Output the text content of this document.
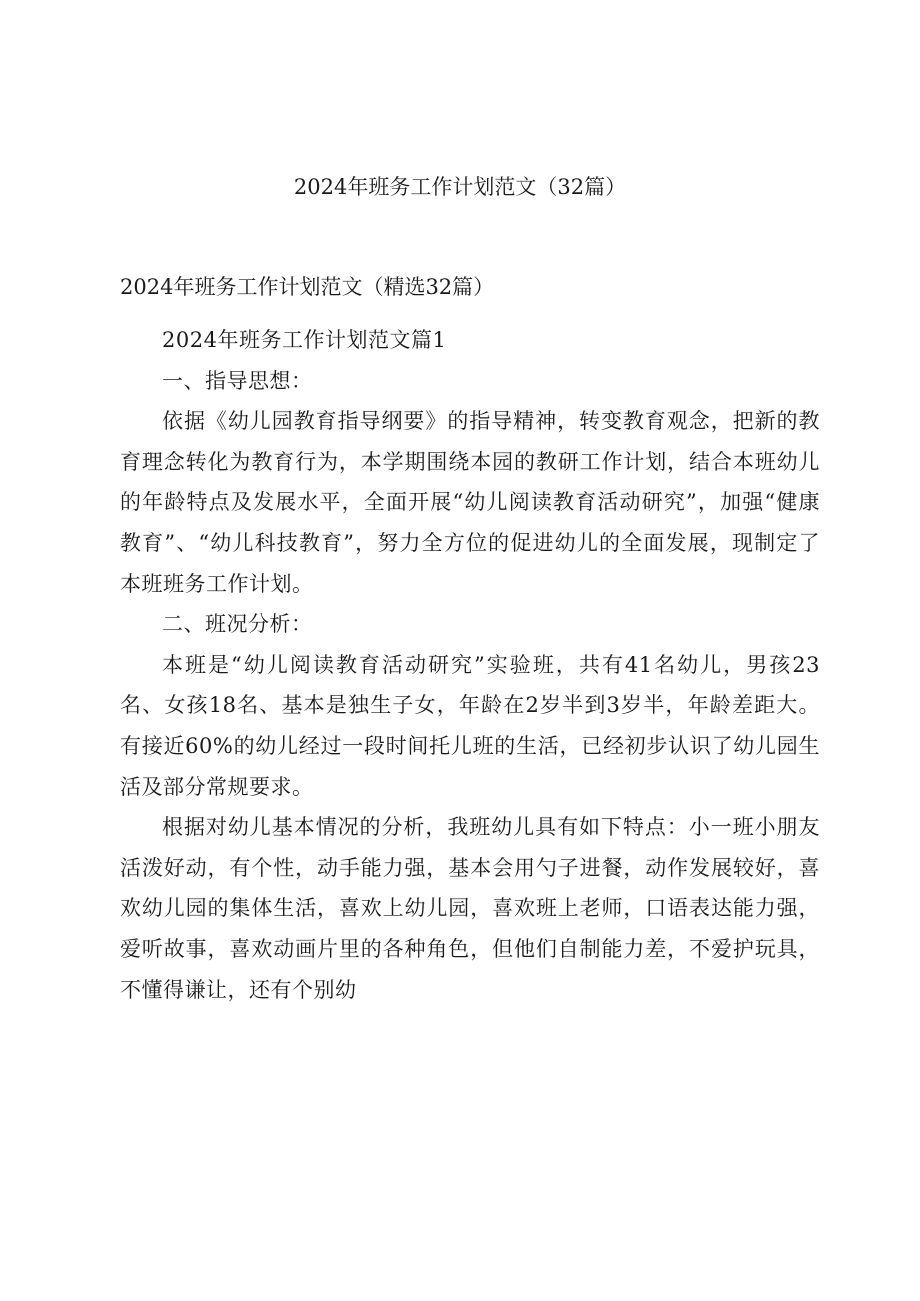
2024年班务工作计划范文（32篇）

2024年班务工作计划范文（精选32篇）

2024年班务工作计划范文篇1

一、指导思想：

依据《幼儿园教育指导纲要》的指导精神，转变教育观念，把新的教育理念转化为教育行为，本学期围绕本园的教研工作计划，结合本班幼儿的年龄特点及发展水平，全面开展“幼儿阅读教育活动研究”，加强“健康教育”、“幼儿科技教育”，努力全方位的促进幼儿的全面发展，现制定了本班班务工作计划。

二、班况分析：

本班是“幼儿阅读教育活动研究”实验班，共有41名幼儿，男孩23名、女孩18名、基本是独生子女，年龄在2岁半到3岁半，年龄差距大。有接近60%的幼儿经过一段时间托儿班的生活，已经初步认识了幼儿园生活及部分常规要求。

根据对幼儿基本情况的分析，我班幼儿具有如下特点：小一班小朋友活泼好动，有个性，动手能力强，基本会用勺子进餐，动作发展较好，喜欢幼儿园的集体生活，喜欢上幼儿园，喜欢班上老师，口语表达能力强，爱听故事，喜欢动画片里的各种角色，但他们自制能力差，不爱护玩具，不懂得谦让，还有个别幼
